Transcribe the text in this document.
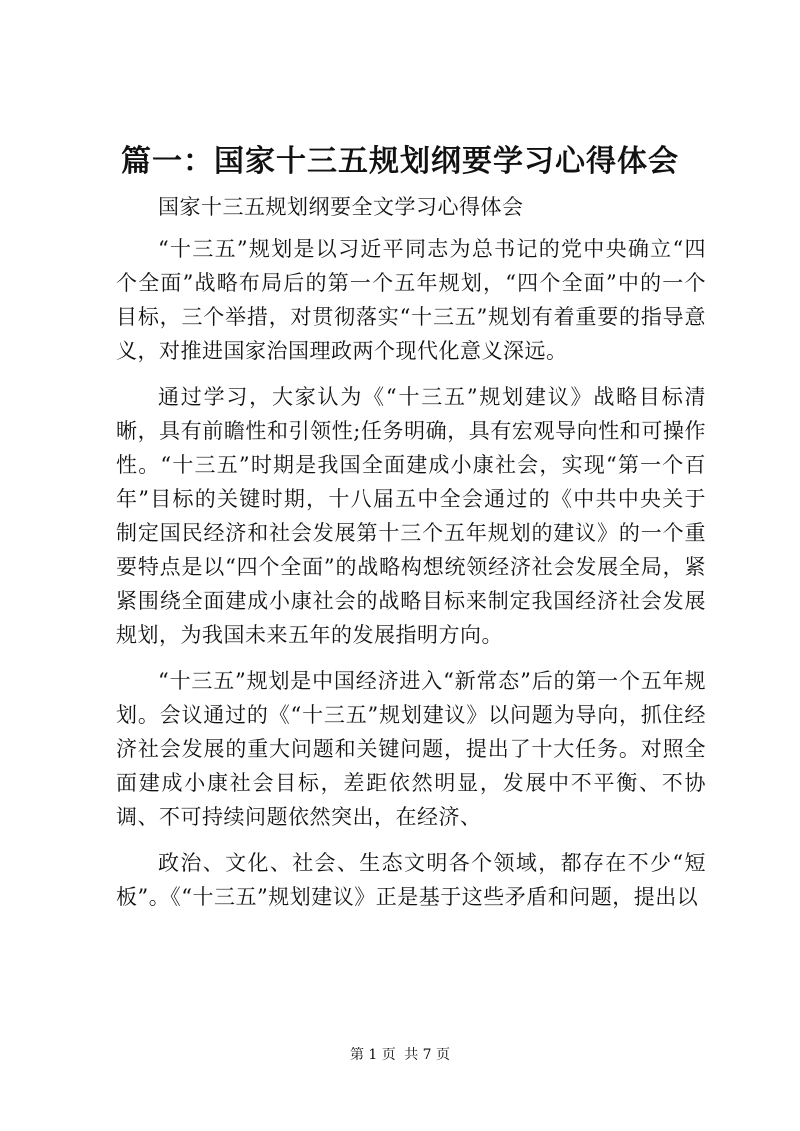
篇一：国家十三五规划纲要学习心得体会

国家十三五规划纲要全文学习心得体会

“十三五”规划是以习近平同志为总书记的党中央确立“四个全面”战略布局后的第一个五年规划，“四个全面”中的一个目标，三个举措，对贯彻落实“十三五”规划有着重要的指导意义，对推进国家治国理政两个现代化意义深远。

通过学习，大家认为《“十三五”规划建议》战略目标清晰，具有前瞻性和引领性;任务明确，具有宏观导向性和可操作性。“十三五”时期是我国全面建成小康社会，实现“第一个百年”目标的关键时期，十八届五中全会通过的《中共中央关于制定国民经济和社会发展第十三个五年规划的建议》的一个重要特点是以“四个全面”的战略构想统领经济社会发展全局，紧紧围绕全面建成小康社会的战略目标来制定我国经济社会发展规划，为我国未来五年的发展指明方向。

“十三五”规划是中国经济进入“新常态”后的第一个五年规划。会议通过的《“十三五”规划建议》以问题为导向，抓住经济社会发展的重大问题和关键问题，提出了十大任务。对照全面建成小康社会目标，差距依然明显，发展中不平衡、不协调、不可持续问题依然突出，在经济、

政治、文化、社会、生态文明各个领域，都存在不少“短板”。《“十三五”规划建议》正是基于这些矛盾和问题，提出以

第 1 页 共 7 页
